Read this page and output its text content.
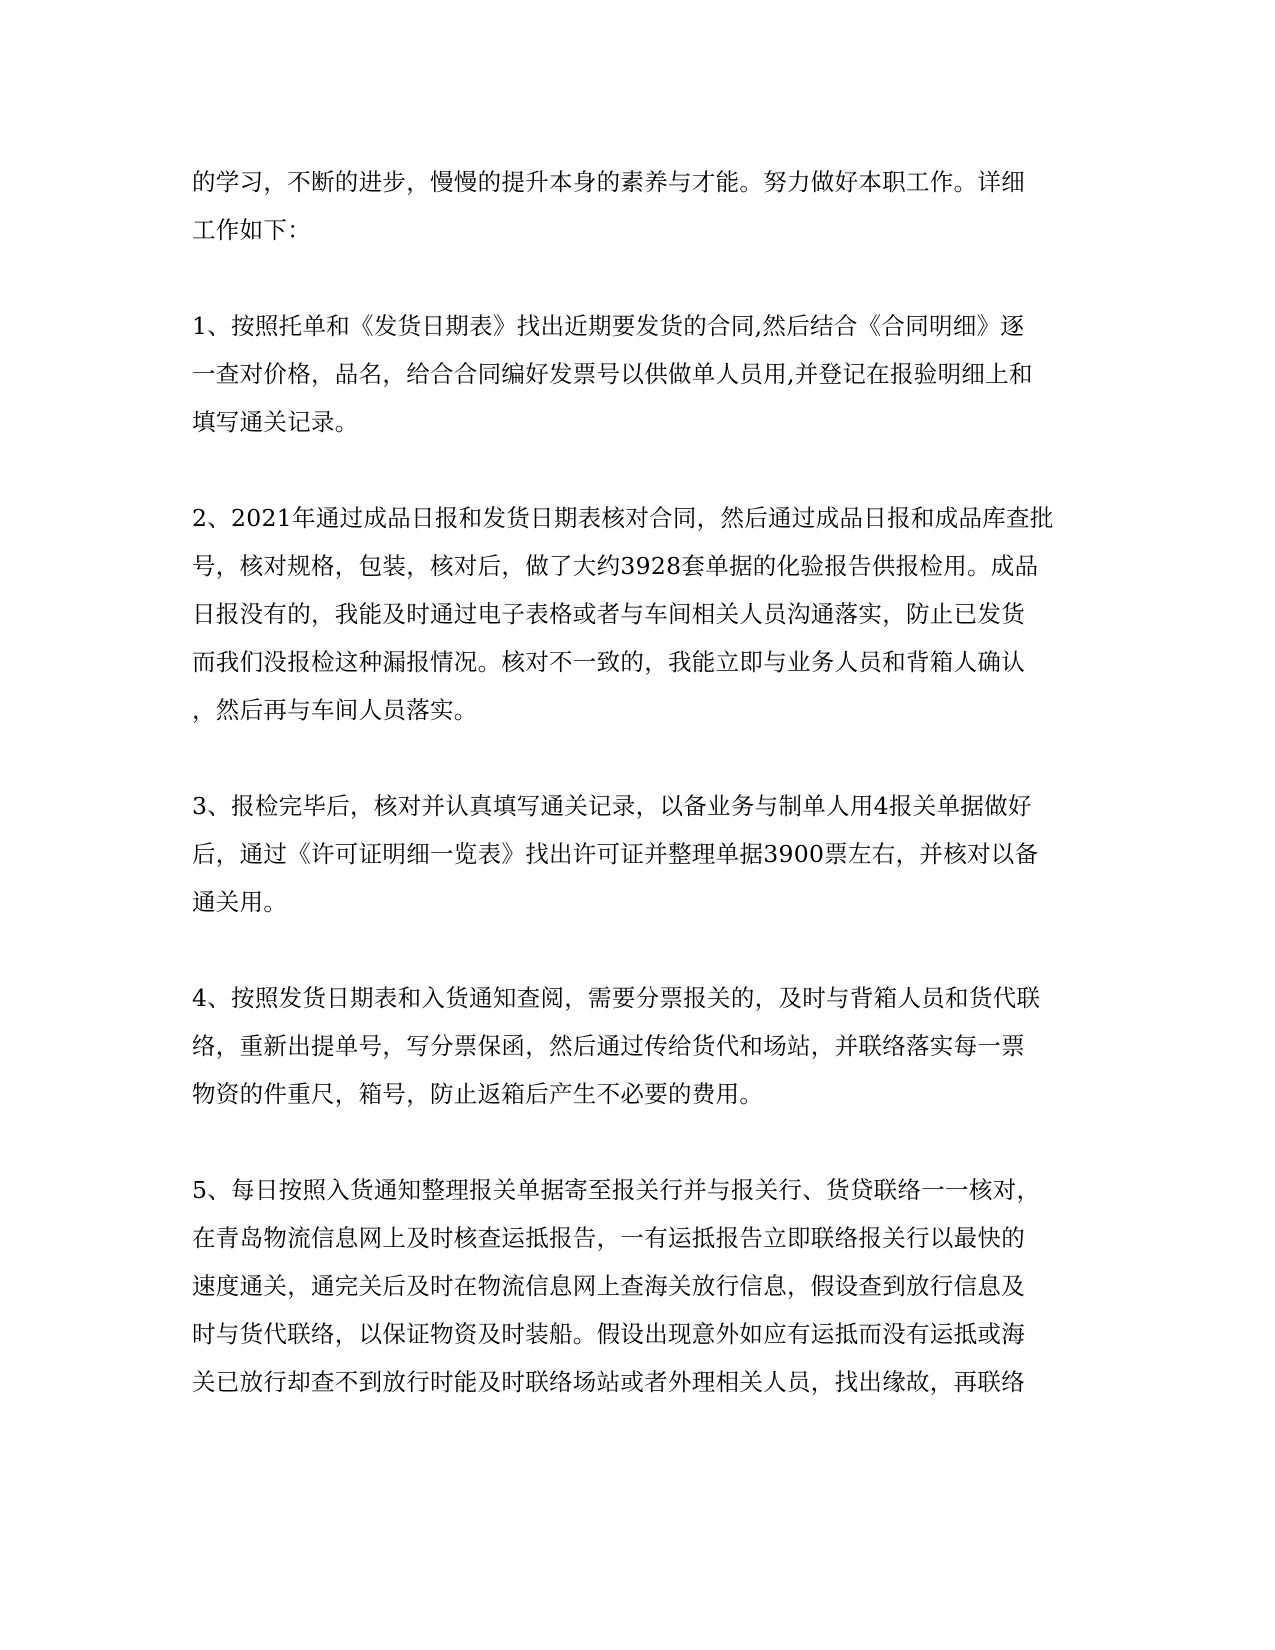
的学习，不断的进步，慢慢的提升本身的素养与才能。努力做好本职工作。详细
工作如下：

1、按照托单和《发货日期表》找出近期要发货的合同,然后结合《合同明细》逐
一查对价格，品名，给合合同编好发票号以供做单人员用,并登记在报验明细上和
填写通关记录。

2、2021年通过成品日报和发货日期表核对合同，然后通过成品日报和成品库查批
号，核对规格，包装，核对后，做了大约3928套单据的化验报告供报检用。成品
日报没有的，我能及时通过电子表格或者与车间相关人员沟通落实，防止已发货
而我们没报检这种漏报情况。核对不一致的，我能立即与业务人员和背箱人确认
，然后再与车间人员落实。

3、报检完毕后，核对并认真填写通关记录，以备业务与制单人用4报关单据做好
后，通过《许可证明细一览表》找出许可证并整理单据3900票左右，并核对以备
通关用。

4、按照发货日期表和入货通知查阅，需要分票报关的，及时与背箱人员和货代联
络，重新出提单号，写分票保函，然后通过传给货代和场站，并联络落实每一票
物资的件重尺，箱号，防止返箱后产生不必要的费用。

5、每日按照入货通知整理报关单据寄至报关行并与报关行、货贷联络一一核对，
在青岛物流信息网上及时核查运抵报告，一有运抵报告立即联络报关行以最快的
速度通关，通完关后及时在物流信息网上查海关放行信息，假设查到放行信息及
时与货代联络，以保证物资及时装船。假设出现意外如应有运抵而没有运抵或海
关已放行却查不到放行时能及时联络场站或者外理相关人员，找出缘故，再联络
